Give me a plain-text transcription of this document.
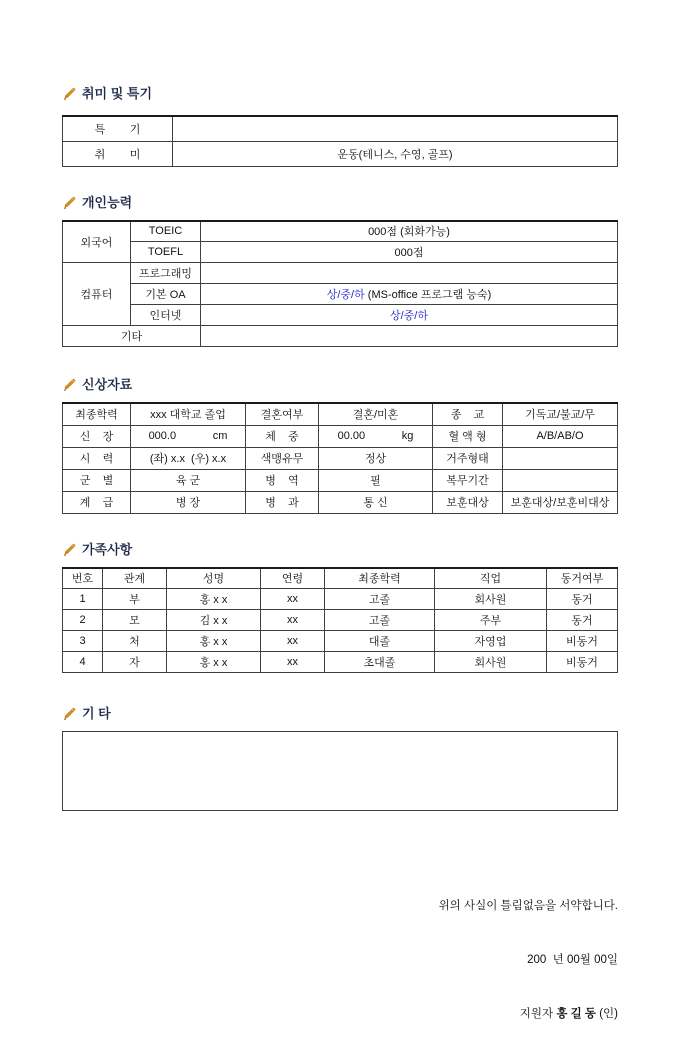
취미 및 특기
특        기	
취        미	운동(테니스, 수영, 골프)
개인능력
외국어	TOEIC	000점 (회화가능)
	TOEFL	000점
컴퓨터	프로그래밍	
	기본 OA	상/중/하 (MS-office 프로그램 능숙)
	인터넷	상/중/하
기타		
신상자료
최종학력	xxx 대학교 졸업	결혼여부	결혼/미혼	종    교	기독교/불교/무
신    장	000.0            cm	체    중	00.00            kg	혈 액 형	A/B/AB/O
시    력	(좌) x.x  (우) x.x	색맹유무	정상	거주형태	
군    별	육 군	병    역	필	복무기간	
계    급	병 장	병    과	통 신	보훈대상	보훈대상/보훈비대상
가족사항
번호	관계	성명	연령	최종학력	직업	동거여부
1	부	홍 x x	xx	고졸	회사원	동거
2	모	김 x x	xx	고졸	주부	동거
3	처	홍 x x	xx	대졸	자영업	비동거
4	자	홍 x x	xx	초대졸	회사원	비동거
기 타

위의 사실이 틀림없음을 서약합니다.

200  년 00월 00일

지원자 홍 길 동 (인)
